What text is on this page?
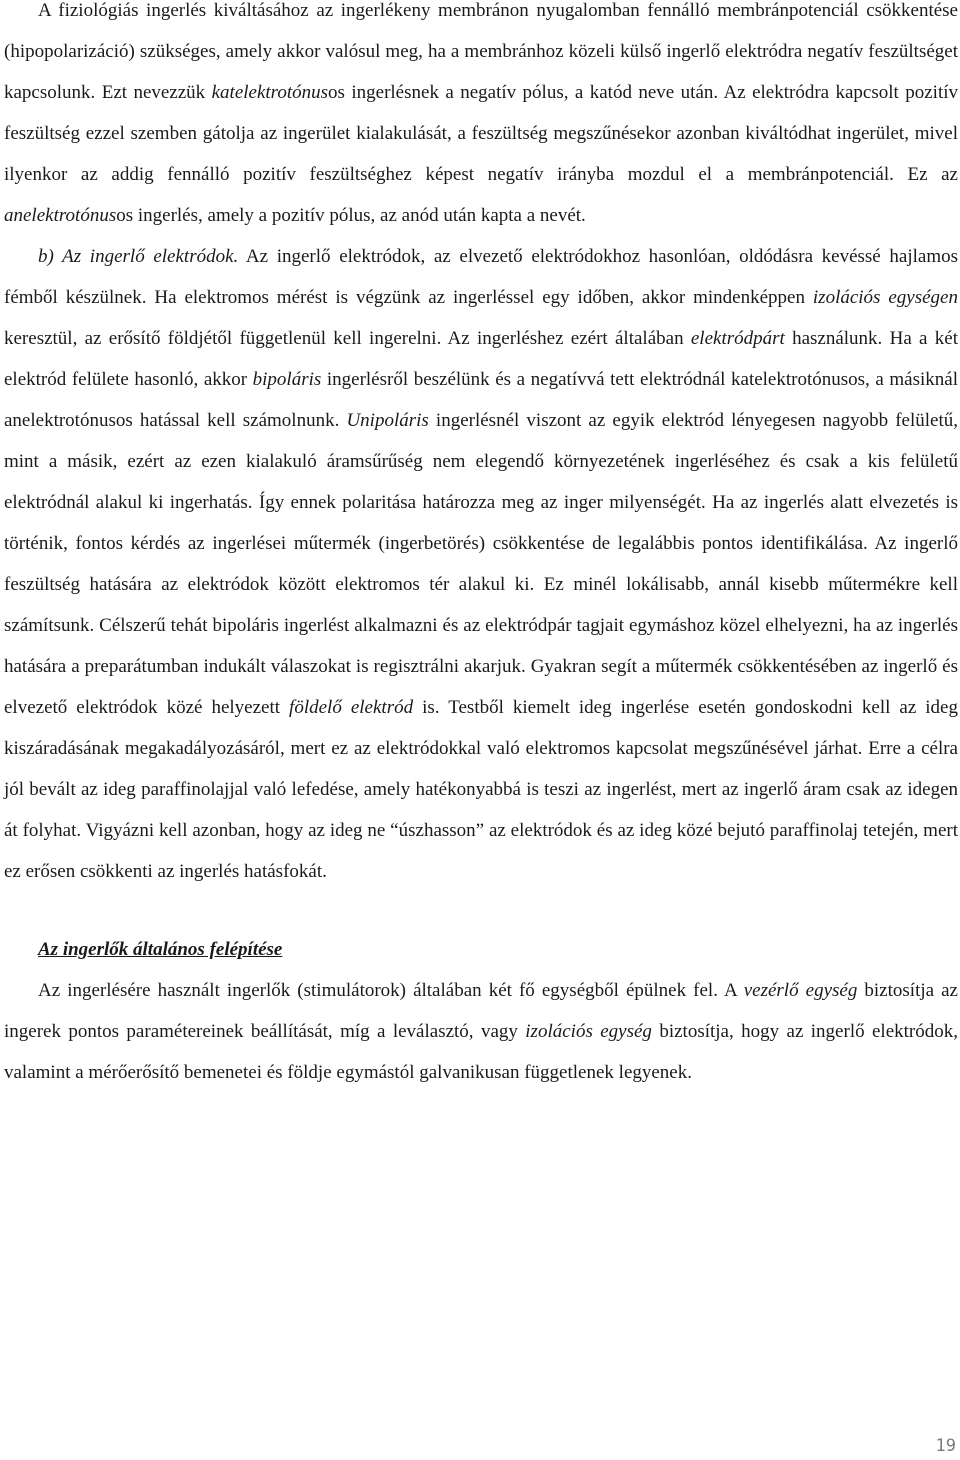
A fiziológiás ingerlés kiváltásához az ingerlékeny membránon nyugalomban fennálló membránpotenciál csökkentése (hipopolarizáció) szükséges, amely akkor valósul meg, ha a membránhoz közeli külső ingerlő elektródra negatív feszültséget kapcsolunk. Ezt nevezzük katelektrotónusos ingerlésnek a negatív pólus, a katód neve után. Az elektródra kapcsolt pozitív feszültség ezzel szemben gátolja az ingerület kialakulását, a feszültség megszűnésekor azonban kiváltódhat ingerület, mivel ilyenkor az addig fennálló pozitív feszültséghez képest negatív irányba mozdul el a membránpotenciál. Ez az anelektrotónusos ingerlés, amely a pozitív pólus, az anód után kapta a nevét.

b) Az ingerlő elektródok. Az ingerlő elektródok, az elvezető elektródokhoz hasonlóan, oldódásra kevéssé hajlamos fémből készülnek. Ha elektromos mérést is végzünk az ingerléssel egy időben, akkor mindenképpen izolációs egységen keresztül, az erősítő földjétől függetlenül kell ingerelni. Az ingerléshez ezért általában elektródpárt használunk. Ha a két elektród felülete hasonló, akkor bipoláris ingerlésről beszélünk és a negatívvá tett elektródnál katelektrotónusos, a másiknál anelektrotónusos hatással kell számolnunk. Unipoláris ingerlésnél viszont az egyik elektród lényegesen nagyobb felületű, mint a másik, ezért az ezen kialakuló áramsűrűség nem elegendő környezetének ingerléséhez és csak a kis felületű elektródnál alakul ki ingerhatás. Így ennek polaritása határozza meg az inger milyenségét. Ha az ingerlés alatt elvezetés is történik, fontos kérdés az ingerlései műtermék (ingerbetörés) csökkentése de legalábbis pontos identifikálása. Az ingerlő feszültség hatására az elektródok között elektromos tér alakul ki. Ez minél lokálisabb, annál kisebb műtermékre kell számítsunk. Célszerű tehát bipoláris ingerlést alkalmazni és az elektródpár tagjait egymáshoz közel elhelyezni, ha az ingerlés hatására a preparátumban indukált válaszokat is regisztrálni akarjuk. Gyakran segít a műtermék csökkentésében az ingerlő és elvezető elektródok közé helyezett földelő elektród is. Testből kiemelt ideg ingerlése esetén gondoskodni kell az ideg kiszáradásának megakadályozásáról, mert ez az elektródokkal való elektromos kapcsolat megszűnésével járhat. Erre a célra jól bevált az ideg paraffinolajjal való lefedése, amely hatékonyabbá is teszi az ingerlést, mert az ingerlő áram csak az idegen át folyhat. Vigyázni kell azonban, hogy az ideg ne “úszhasson” az elektródok és az ideg közé bejutó paraffinolaj tetején, mert ez erősen csökkenti az ingerlés hatásfokát.

Az ingerlők általános felépítése

Az ingerlésére használt ingerlők (stimulátorok) általában két fő egységből épülnek fel. A vezérlő egység biztosítja az ingerek pontos paramétereinek beállítását, míg a leválasztó, vagy izolációs egység biztosítja, hogy az ingerlő elektródok, valamint a mérőerősítő bemenetei és földje egymástól galvanikusan függetlenek legyenek.

19
